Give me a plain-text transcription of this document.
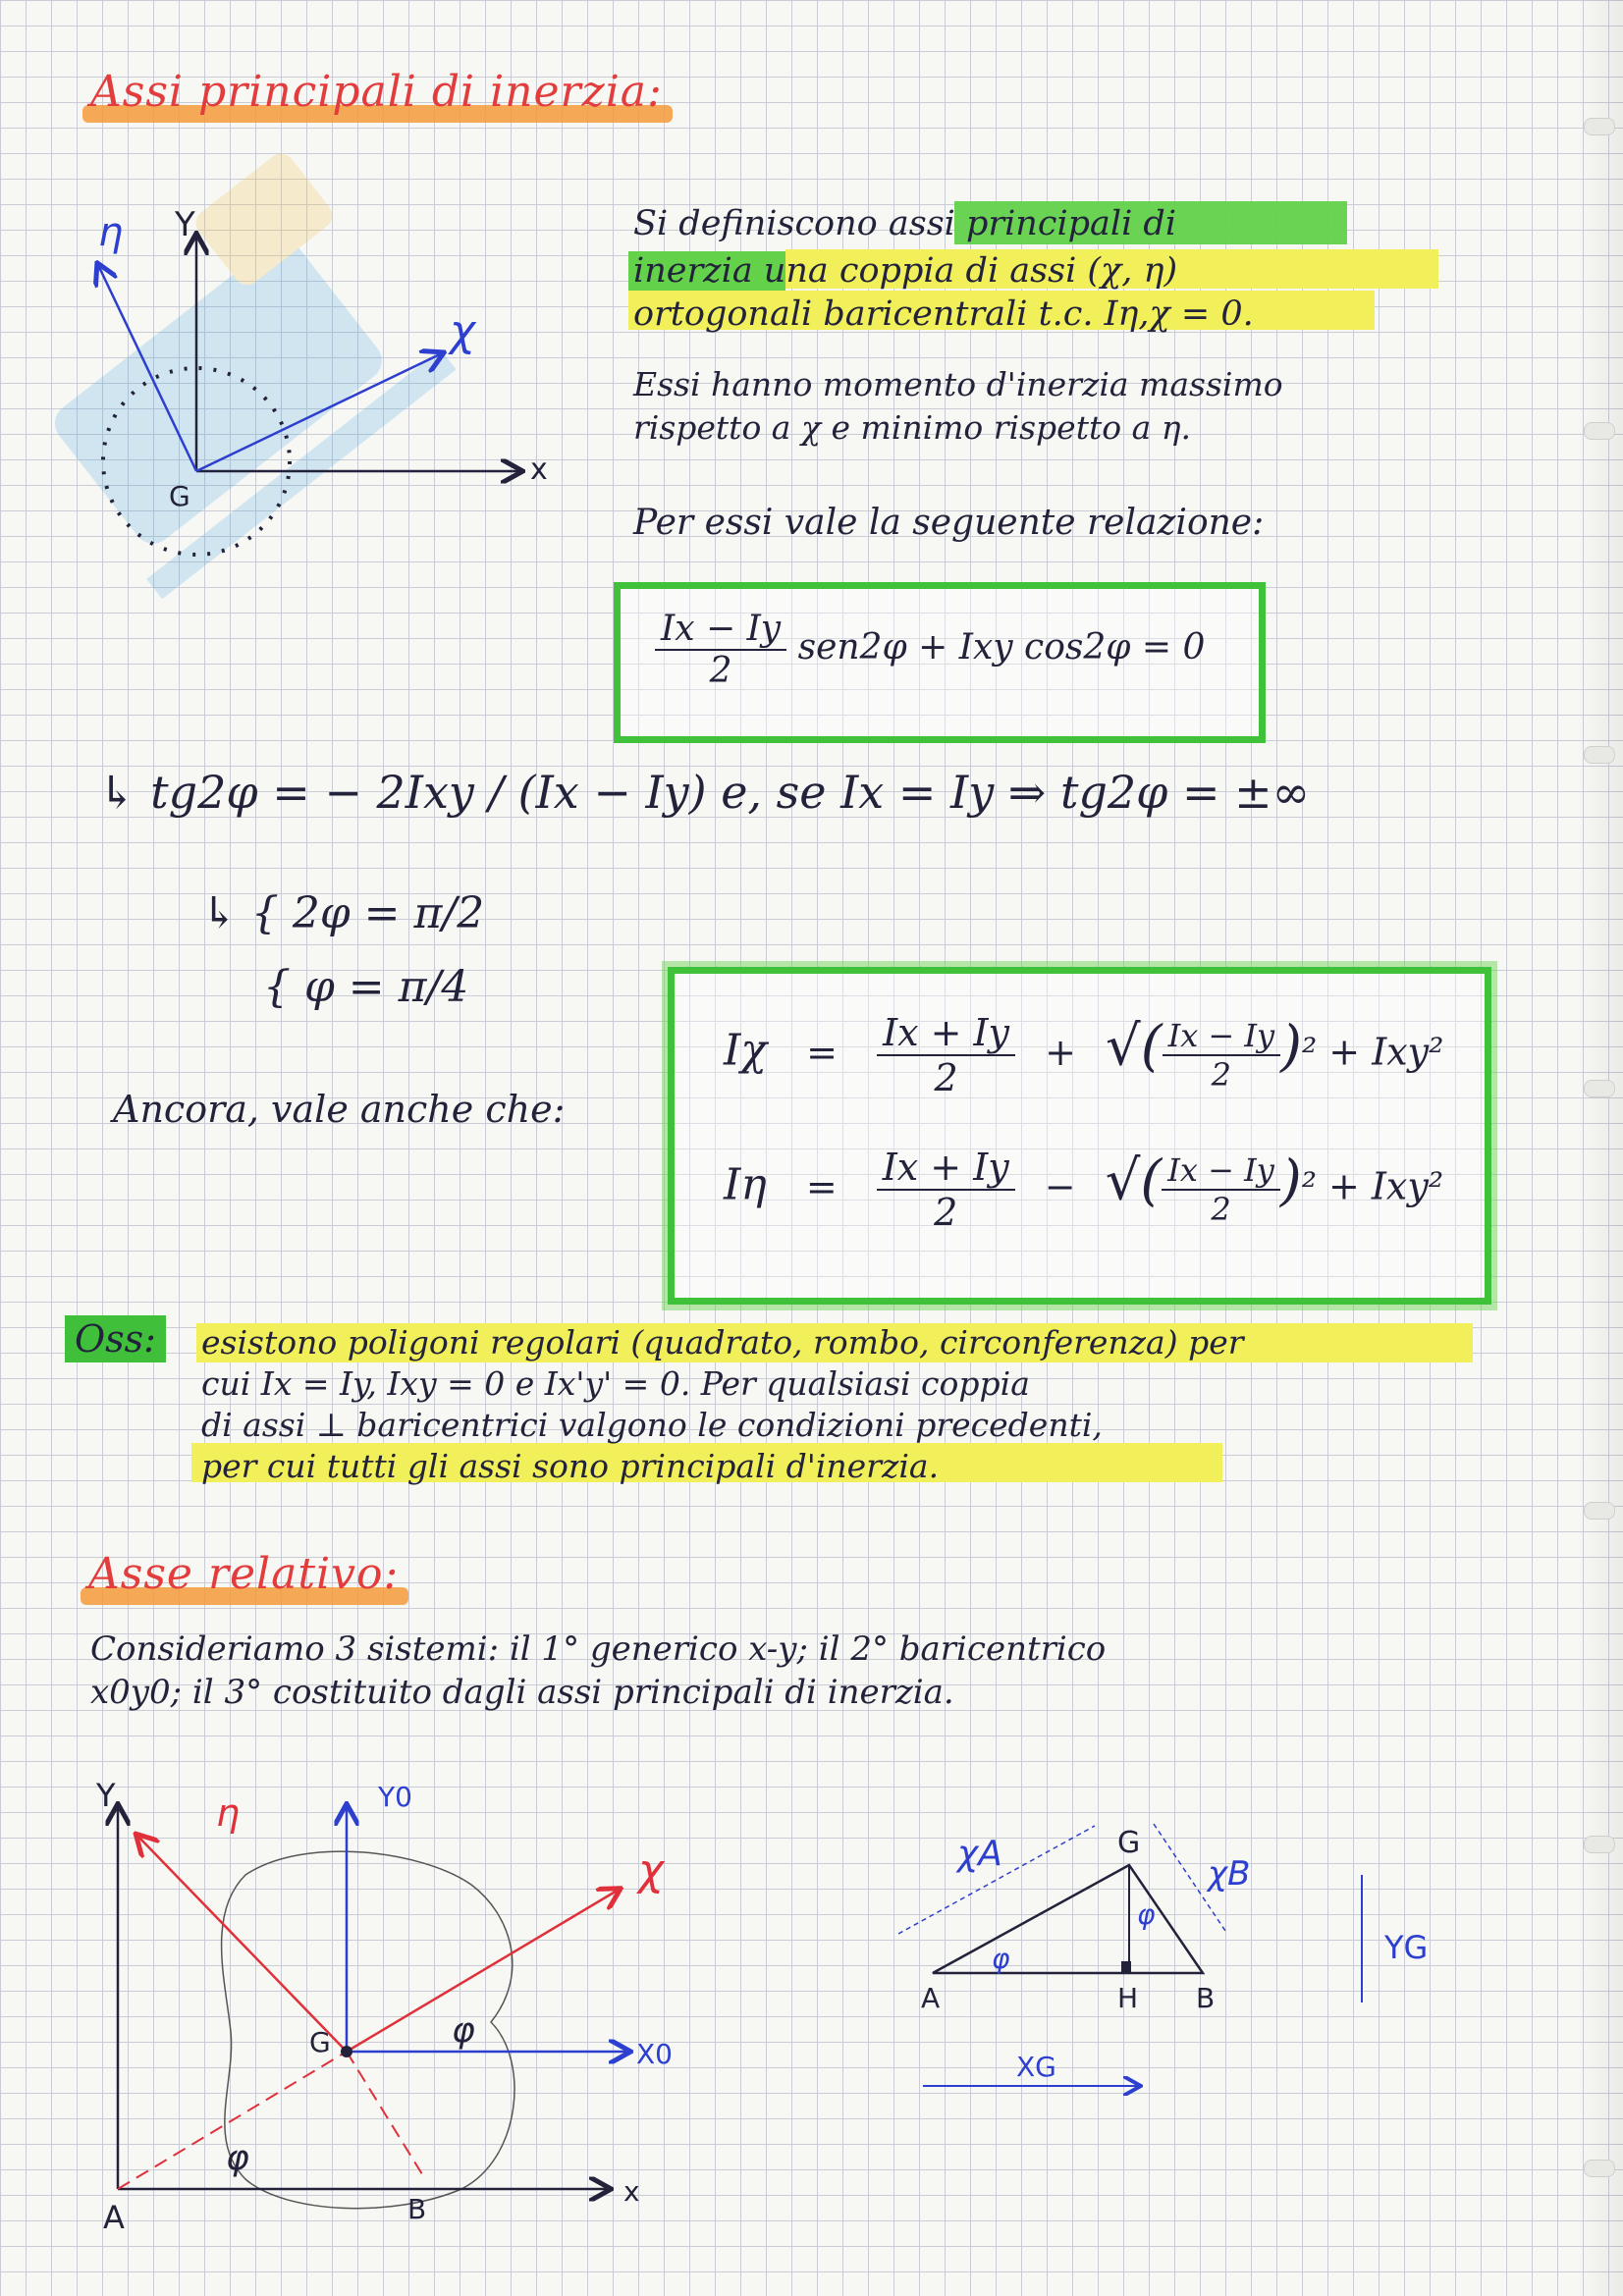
Assi principali di inerzia:
Y
x
G
η
χ
Si definiscono assi principali di
inerzia una coppia di assi (χ, η)
ortogonali baricentrali t.c. Iη,χ = 0.
Essi hanno momento d'inerzia massimo
rispetto a χ e minimo rispetto a η.
Per essi vale la seguente relazione:
$\frac{Ix - Iy}{2} sen2\varphi$ + Ixy cos2φ = 0
↳ tg2φ = − 2Ixy / (Ix − Iy) e, se Ix = Iy ⇒ tg2φ = ±∞
↳ { 2φ = π/2
{ φ = π/4
Ancora, vale anche che:
$I\chi = \frac{Ix + Iy}{2}$ + √( $\frac{Ix - Iy}{2} )^2 + Ixy^2$
$I\eta = \frac{Ix + Iy}{2}$ − √( $\frac{Ix - Iy}{2} )^2 + Ixy^2$
Oss:	esistono poligoni regolari (quadrato, rombo, circonferenza) per
cui Ix = Iy, Ixy = 0 e Ix'y' = 0. Per qualsiasi coppia
di assi ⊥ baricentrici valgono le condizioni precedenti,
per cui tutti gli assi sono principali d'inerzia.
Asse relativo:
Consideriamo 3 sistemi: il 1° generico x-y; il 2° baricentrico
x0y0; il 3° costituito dagli assi principali di inerzia.
Y	η	Y0
χ
G	φ
X0
A
φ
B
x
χA	G
χB
YG
φ
φ
A	H B
XG
